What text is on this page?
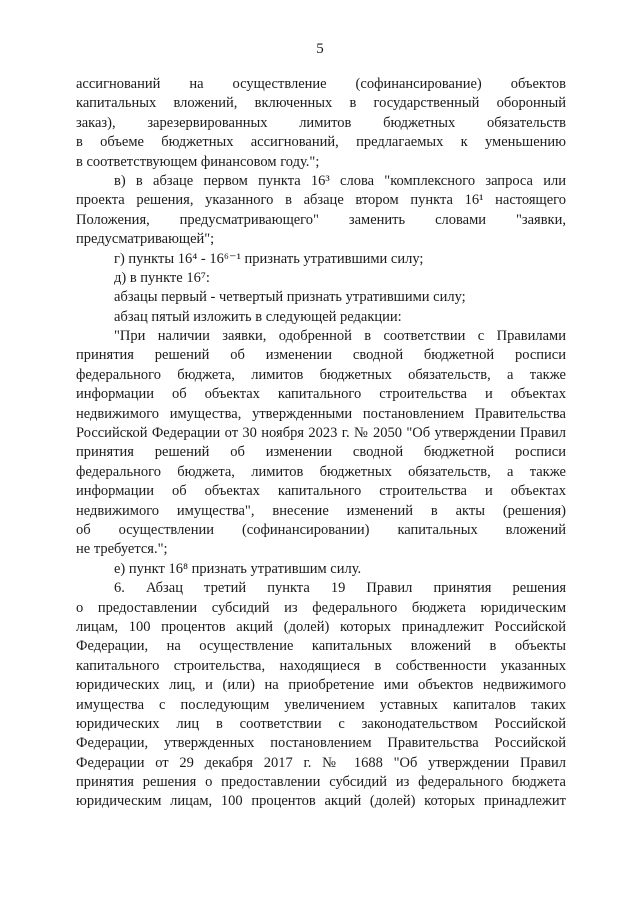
5
ассигнований на осуществление (софинансирование) объектов
капитальных вложений, включенных в государственный оборонный
заказ), зарезервированных лимитов бюджетных обязательств
в объеме бюджетных ассигнований, предлагаемых к уменьшению
в соответствующем финансовом году.";
в) в абзаце первом пункта 16³ слова "комплексного запроса или
проекта решения, указанного в абзаце втором пункта 16¹ настоящего
Положения, предусматривающего" заменить словами "заявки,
предусматривающей";
г) пункты 16⁴ - 16⁶⁻¹ признать утратившими силу;
д) в пункте 16⁷:
абзацы первый - четвертый признать утратившими силу;
абзац пятый изложить в следующей редакции:
"При наличии заявки, одобренной в соответствии с Правилами
принятия решений об изменении сводной бюджетной росписи
федерального бюджета, лимитов бюджетных обязательств, а также
информации об объектах капитального строительства и объектах
недвижимого имущества, утвержденными постановлением Правительства
Российской Федерации от 30 ноября 2023 г. № 2050 "Об утверждении Правил
принятия решений об изменении сводной бюджетной росписи
федерального бюджета, лимитов бюджетных обязательств, а также
информации об объектах капитального строительства и объектах
недвижимого имущества", внесение изменений в акты (решения)
об осуществлении (софинансировании) капитальных вложений
не требуется.";
е) пункт 16⁸ признать утратившим силу.
6. Абзац третий пункта 19 Правил принятия решения
о предоставлении субсидий из федерального бюджета юридическим
лицам, 100 процентов акций (долей) которых принадлежит Российской
Федерации, на осуществление капитальных вложений в объекты
капитального строительства, находящиеся в собственности указанных
юридических лиц, и (или) на приобретение ими объектов недвижимого
имущества с последующим увеличением уставных капиталов таких
юридических лиц в соответствии с законодательством Российской
Федерации, утвержденных постановлением Правительства Российской
Федерации от 29 декабря 2017 г. № 1688 "Об утверждении Правил
принятия решения о предоставлении субсидий из федерального бюджета
юридическим лицам, 100 процентов акций (долей) которых принадлежит
